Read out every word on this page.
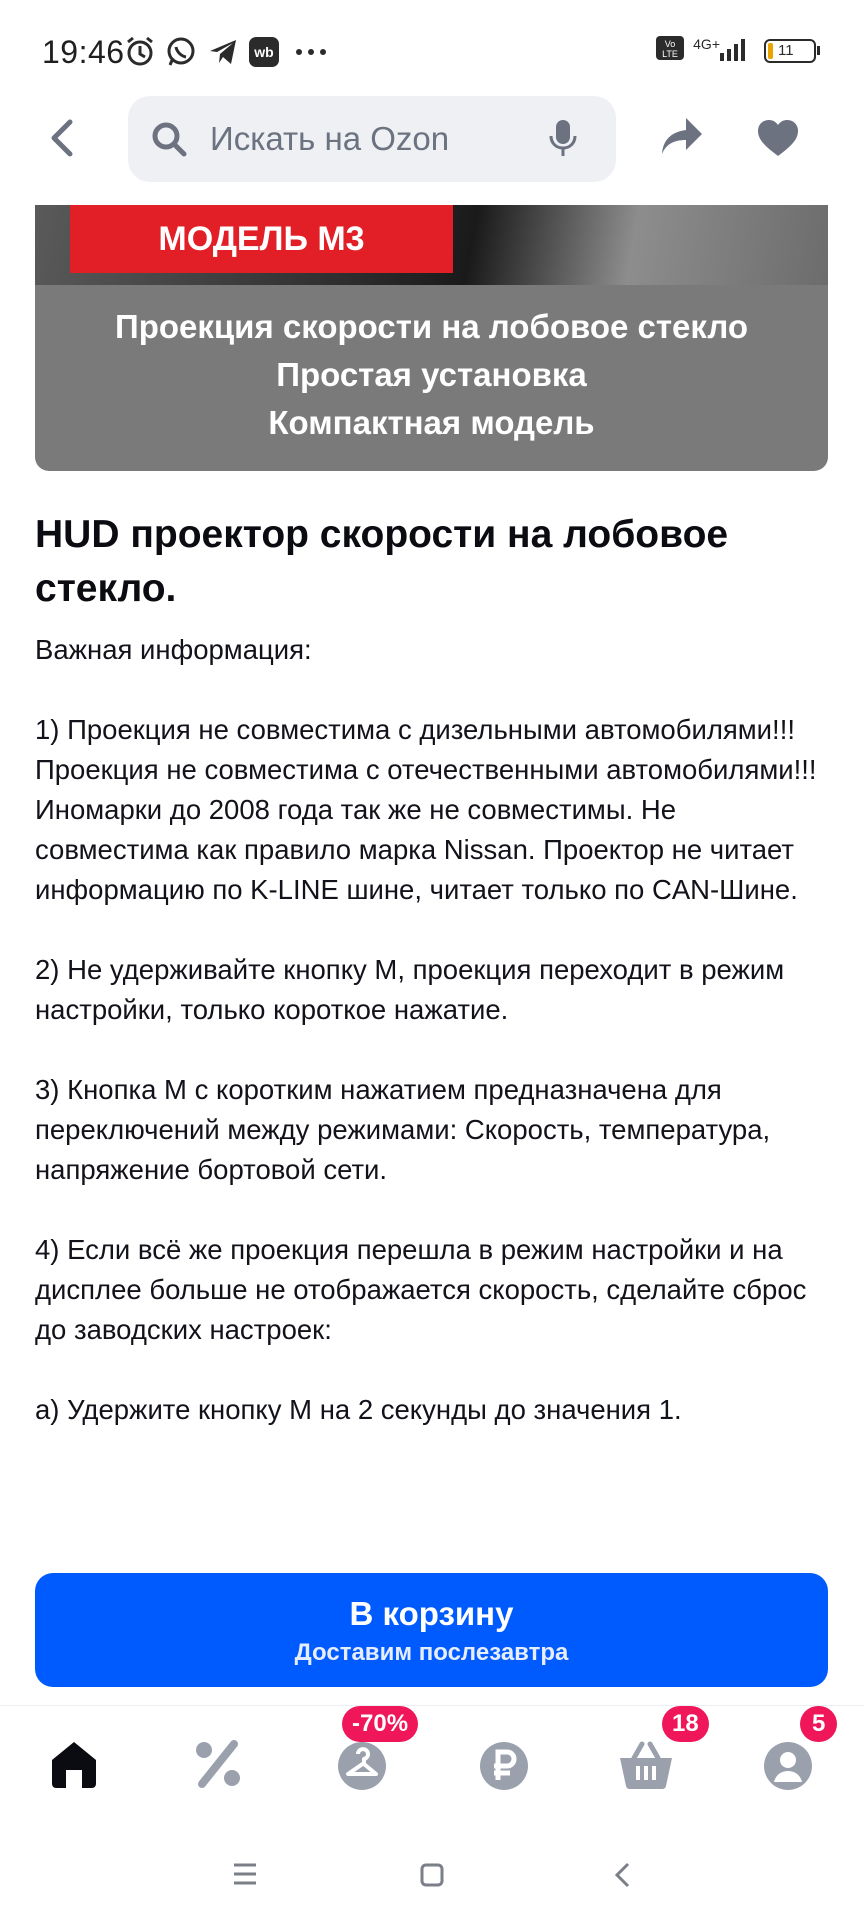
19:46	wb	Vo
LTE
4G+	11
Искать на Ozon
МОДЕЛЬ М3
Проекция скорости на лобовое стекло
Простая установка
Компактная модель
HUD проектор скорости на лобовое стекло.

Важная информация:

1) Проекция не совместима с дизельными автомобилями!!! Проекция не совместима с отечественными автомобилями!!! Иномарки до 2008 года так же не совместимы. Не совместима как правило марка Nissan. Проектор не читает информацию по K-LINE шине, читает только по CAN-Шине.

2) Не удерживайте кнопку М, проекция переходит в режим настройки, только короткое нажатие.

3) Кнопка М с коротким нажатием предназначена для переключений между режимами: Скорость, температура, напряжение бортовой сети.

4) Если всё же проекция перешла в режим настройки и на дисплее больше не отображается скорость, сделайте сброс до заводских настроек:

а) Удержите кнопку М на 2 секунды до значения 1.

В корзину
Доставим послезавтра
-70%	18	5
